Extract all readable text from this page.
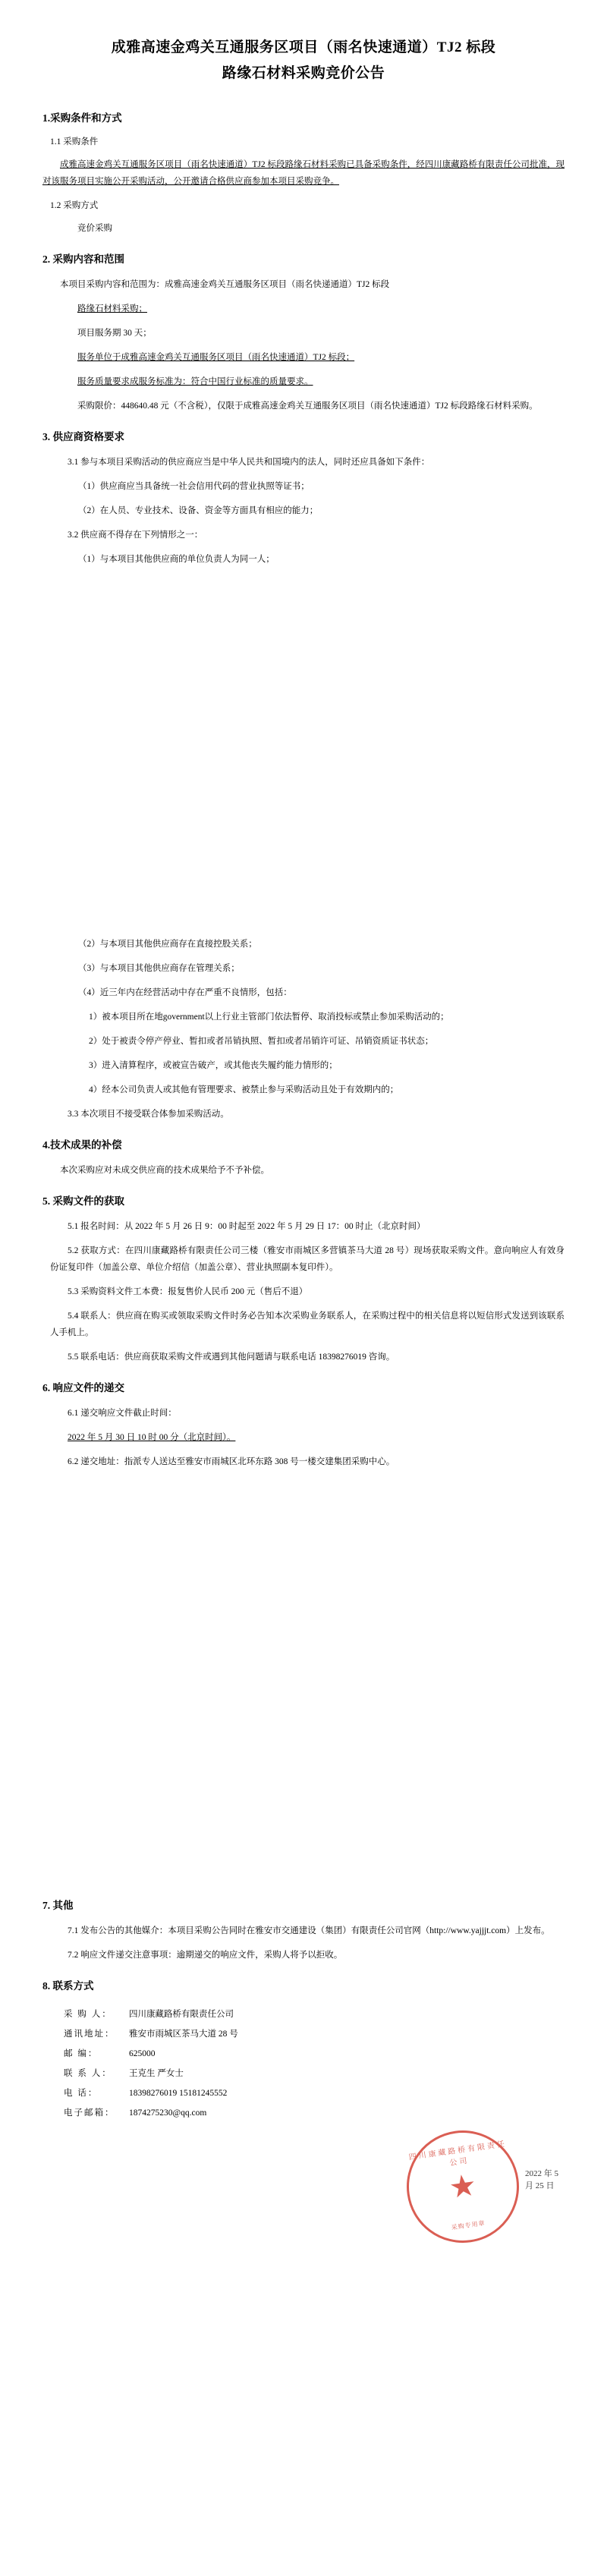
成雅高速金鸡关互通服务区项目（雨名快速通道）TJ2 标段
路缘石材料采购竞价公告
1.采购条件和方式
1.1 采购条件

成雅高速金鸡关互通服务区项目（雨名快速通道）TJ2 标段路缘石材料采购已具备采购条件，经四川康藏路桥有限责任公司批准，现对该服务项目实施公开采购活动，公开邀请合格供应商参加本项目采购竞争。

1.2 采购方式

竞价采购

2. 采购内容和范围

本项目采购内容和范围为：成雅高速金鸡关互通服务区项目（雨名快递通道）TJ2 标段

路缘石材料采购；

项目服务期 30 天；

服务单位于成雅高速金鸡关互通服务区项目（雨名快速通道）TJ2 标段；

服务质量要求成服务标准为：符合中国行业标准的质量要求。

采购限价：448640.48 元（不含税），仅限于成雅高速金鸡关互通服务区项目（雨名快速通道）TJ2 标段路缘石材料采购。

3. 供应商资格要求

3.1 参与本项目采购活动的供应商应当是中华人民共和国境内的法人，同时还应具备如下条件：

（1）供应商应当具备统一社会信用代码的营业执照等证书；

（2）在人员、专业技术、设备、资金等方面具有相应的能力；

3.2 供应商不得存在下列情形之一：

（1）与本项目其他供应商的单位负责人为同一人；

（2）与本项目其他供应商存在直接控股关系；

（3）与本项目其他供应商存在管理关系；

（4）近三年内在经营活动中存在严重不良情形，包括：

1）被本项目所在地government以上行业主管部门依法暂停、取消投标或禁止参加采购活动的；

2）处于被责令停产停业、暂扣或者吊销执照、暂扣或者吊销许可证、吊销资质证书状态；

3）进入清算程序，或被宣告破产，或其他丧失履约能力情形的；

4）经本公司负责人或其他有管理要求、被禁止参与采购活动且处于有效期内的；

3.3 本次项目不接受联合体参加采购活动。

4.技术成果的补偿

本次采购应对未成交供应商的技术成果给予不予补偿。

5. 采购文件的获取

5.1 报名时间：从 2022 年 5 月 26 日 9：00 时起至 2022 年 5 月 29 日 17：00 时止（北京时间）

5.2 获取方式：在四川康藏路桥有限责任公司三楼（雅安市雨城区多营镇茶马大道 28 号）现场获取采购文件。意向响应人有效身份证复印件（加盖公章、单位介绍信（加盖公章）、营业执照副本复印件）。

5.3 采购资料文件工本费：报复售价人民币 200 元（售后不退）

5.4 联系人：供应商在购买或领取采购文件时务必告知本次采购业务联系人，在采购过程中的相关信息将以短信形式发送到该联系人手机上。

5.5 联系电话：供应商获取采购文件或遇到其他问题请与联系电话 18398276019 咨询。

6. 响应文件的递交

6.1 递交响应文件截止时间：

2022 年 5 月 30 日 10 时 00 分（北京时间）。

6.2 递交地址：指派专人送达至雅安市雨城区北环东路 308 号一楼交建集团采购中心。

7. 其他

7.1 发布公告的其他媒介：本项目采购公告同时在雅安市交通建设（集团）有限责任公司官网（http://www.yajjjt.com）上发布。

7.2 响应文件递交注意事项：逾期递交的响应文件，采购人将予以拒收。

8. 联系方式
采 购 人：	四川康藏路桥有限责任公司
通讯地址：	雅安市雨城区茶马大道 28 号
邮 编：	625000
联 系 人：	王克生 严女士
电 话：	18398276019 15181245552
电子邮箱：	1874275230@qq.com
四川康藏路桥有限责任公司
★
采购专用章
2022 年 5 月 25 日
